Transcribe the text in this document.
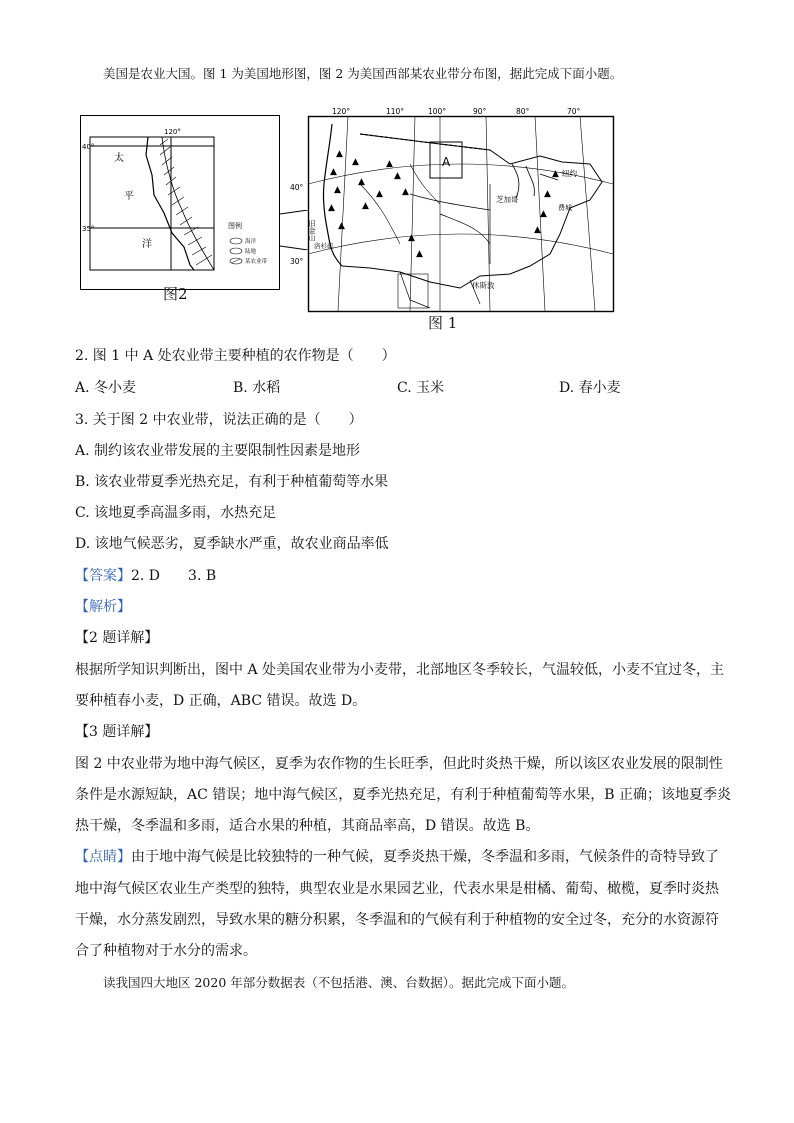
美国是农业大国。图 1 为美国地形图，图 2 为美国西部某农业带分布图，据此完成下面小题。
40°
35°
120°
太
平
洋
图例
海洋
陆地
某农业带
图2
▲
▲
▲
▲
▲
▲
▲
▲
▲
▲
▲
▲
▲
▲
▲
▲
▲
▲
120°	110°	100°	90°	80°	70°
40°
30°
A
纽约
芝加哥
费城
休斯敦
旧金山
洛杉矶
图 1
2. 图 1 中 A 处农业带主要种植的农作物是（　　）
A. 冬小麦	B. 水稻	C. 玉米	D. 春小麦
3. 关于图 2 中农业带，说法正确的是（　　）
A. 制约该农业带发展的主要限制性因素是地形
B. 该农业带夏季光热充足，有利于种植葡萄等水果
C. 该地夏季高温多雨，水热充足
D. 该地气候恶劣，夏季缺水严重，故农业商品率低
【答案】2. D　　3. B
【解析】
【2 题详解】
根据所学知识判断出，图中 A 处美国农业带为小麦带，北部地区冬季较长，气温较低，小麦不宜过冬，主
要种植春小麦，D 正确，ABC 错误。故选 D。
【3 题详解】
图 2 中农业带为地中海气候区，夏季为农作物的生长旺季，但此时炎热干燥，所以该区农业发展的限制性
条件是水源短缺，AC 错误；地中海气候区，夏季光热充足，有利于种植葡萄等水果，B 正确；该地夏季炎
热干燥，冬季温和多雨，适合水果的种植，其商品率高，D 错误。故选 B。
【点睛】由于地中海气候是比较独特的一种气候，夏季炎热干燥，冬季温和多雨，气候条件的奇特导致了
地中海气候区农业生产类型的独特，典型农业是水果园艺业，代表水果是柑橘、葡萄、橄榄，夏季时炎热
干燥，水分蒸发剧烈，导致水果的糖分积累，冬季温和的气候有利于种植物的安全过冬，充分的水资源符
合了种植物对于水分的需求。
读我国四大地区 2020 年部分数据表（不包括港、澳、台数据）。据此完成下面小题。
